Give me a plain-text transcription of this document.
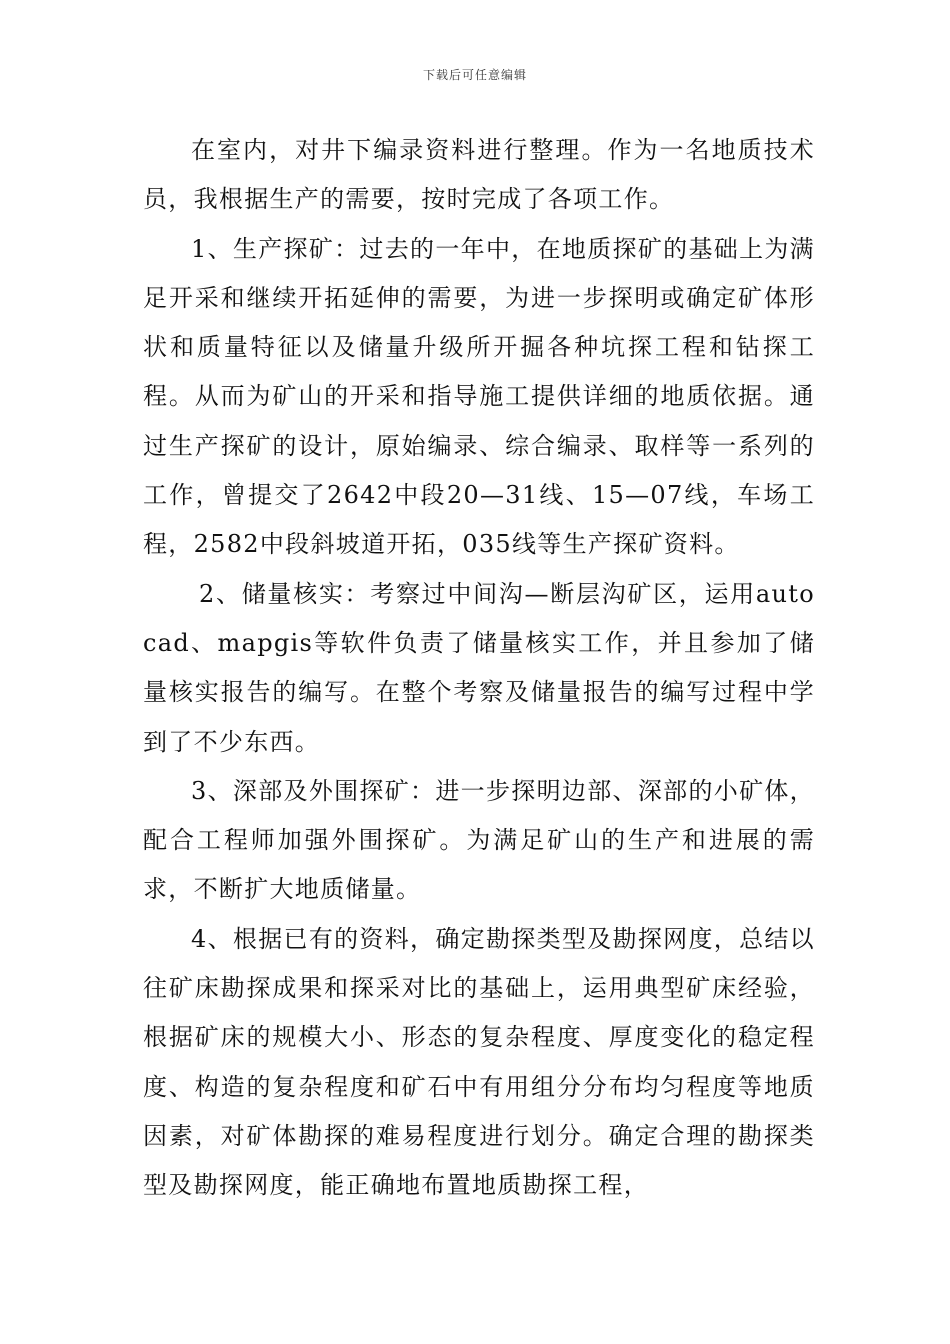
下载后可任意编辑

在室内，对井下编录资料进行整理。作为一名地质技术员，我根据生产的需要，按时完成了各项工作。

1、生产探矿：过去的一年中，在地质探矿的基础上为满足开采和继续开拓延伸的需要，为进一步探明或确定矿体形状和质量特征以及储量升级所开掘各种坑探工程和钻探工程。从而为矿山的开采和指导施工提供详细的地质依据。通过生产探矿的设计，原始编录、综合编录、取样等一系列的工作，曾提交了2642中段20—31线、15—07线，车场工程，2582中段斜坡道开拓，035线等生产探矿资料。

2、储量核实：考察过中间沟—断层沟矿区，运用autocad、mapgis等软件负责了储量核实工作，并且参加了储量核实报告的编写。在整个考察及储量报告的编写过程中学到了不少东西。

3、深部及外围探矿：进一步探明边部、深部的小矿体，配合工程师加强外围探矿。为满足矿山的生产和进展的需求，不断扩大地质储量。

4、根据已有的资料，确定勘探类型及勘探网度，总结以往矿床勘探成果和探采对比的基础上，运用典型矿床经验，根据矿床的规模大小、形态的复杂程度、厚度变化的稳定程度、构造的复杂程度和矿石中有用组分分布均匀程度等地质因素，对矿体勘探的难易程度进行划分。确定合理的勘探类型及勘探网度，能正确地布置地质勘探工程，
